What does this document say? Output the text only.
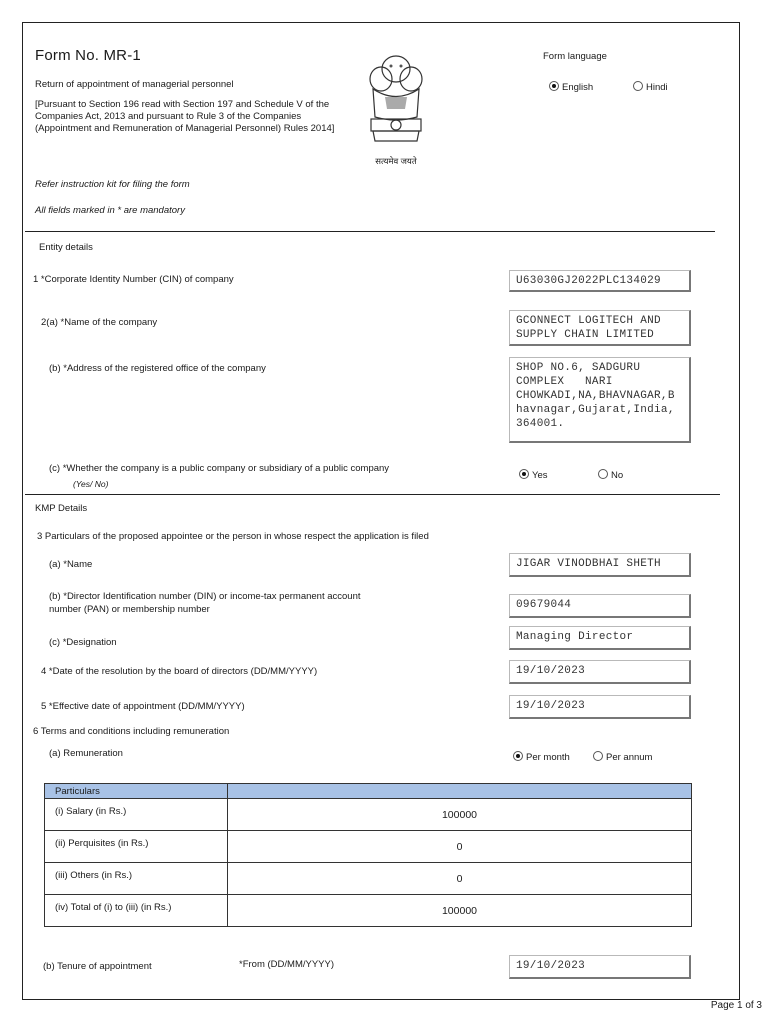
Form No. MR-1
Return of appointment of managerial personnel
[Pursuant to Section 196 read with Section 197 and Schedule V of the Companies Act, 2013 and pursuant to Rule 3 of the Companies (Appointment and Remuneration of Managerial Personnel) Rules 2014]
Refer instruction kit for filing the form
All fields marked in * are mandatory
सत्यमेव जयते
Form language
English	Hindi
Entity details
1 *Corporate Identity Number (CIN) of company	U63030GJ2022PLC134029
2(a) *Name of the company	GCONNECT LOGITECH AND
SUPPLY CHAIN LIMITED
(b) *Address of the registered office of the company	SHOP NO.6, SADGURU
COMPLEX   NARI
CHOWKADI,NA,BHAVNAGAR,B
havnagar,Gujarat,India,
364001.
(c) *Whether the company is a public company or subsidiary of a public company
(Yes/ No)
Yes	No
KMP Details
3 Particulars of the proposed appointee or the person in whose respect the application is filed
(a) *Name	JIGAR VINODBHAI SHETH
(b) *Director Identification number (DIN) or income-tax permanent account
number (PAN) or membership number	09679044
(c) *Designation	Managing Director
4 *Date of the resolution by the board of directors (DD/MM/YYYY)	19/10/2023
5 *Effective date of appointment (DD/MM/YYYY)	19/10/2023
6 Terms and conditions including remuneration
(a) Remuneration	Per month	Per annum
Particulars	
(i) Salary (in Rs.)	100000
(ii) Perquisites (in Rs.)	0
(iii) Others (in Rs.)	0
(iv) Total of (i) to (iii) (in Rs.)	100000
(b) Tenure of appointment	*From (DD/MM/YYYY)	19/10/2023
Page 1 of 3
